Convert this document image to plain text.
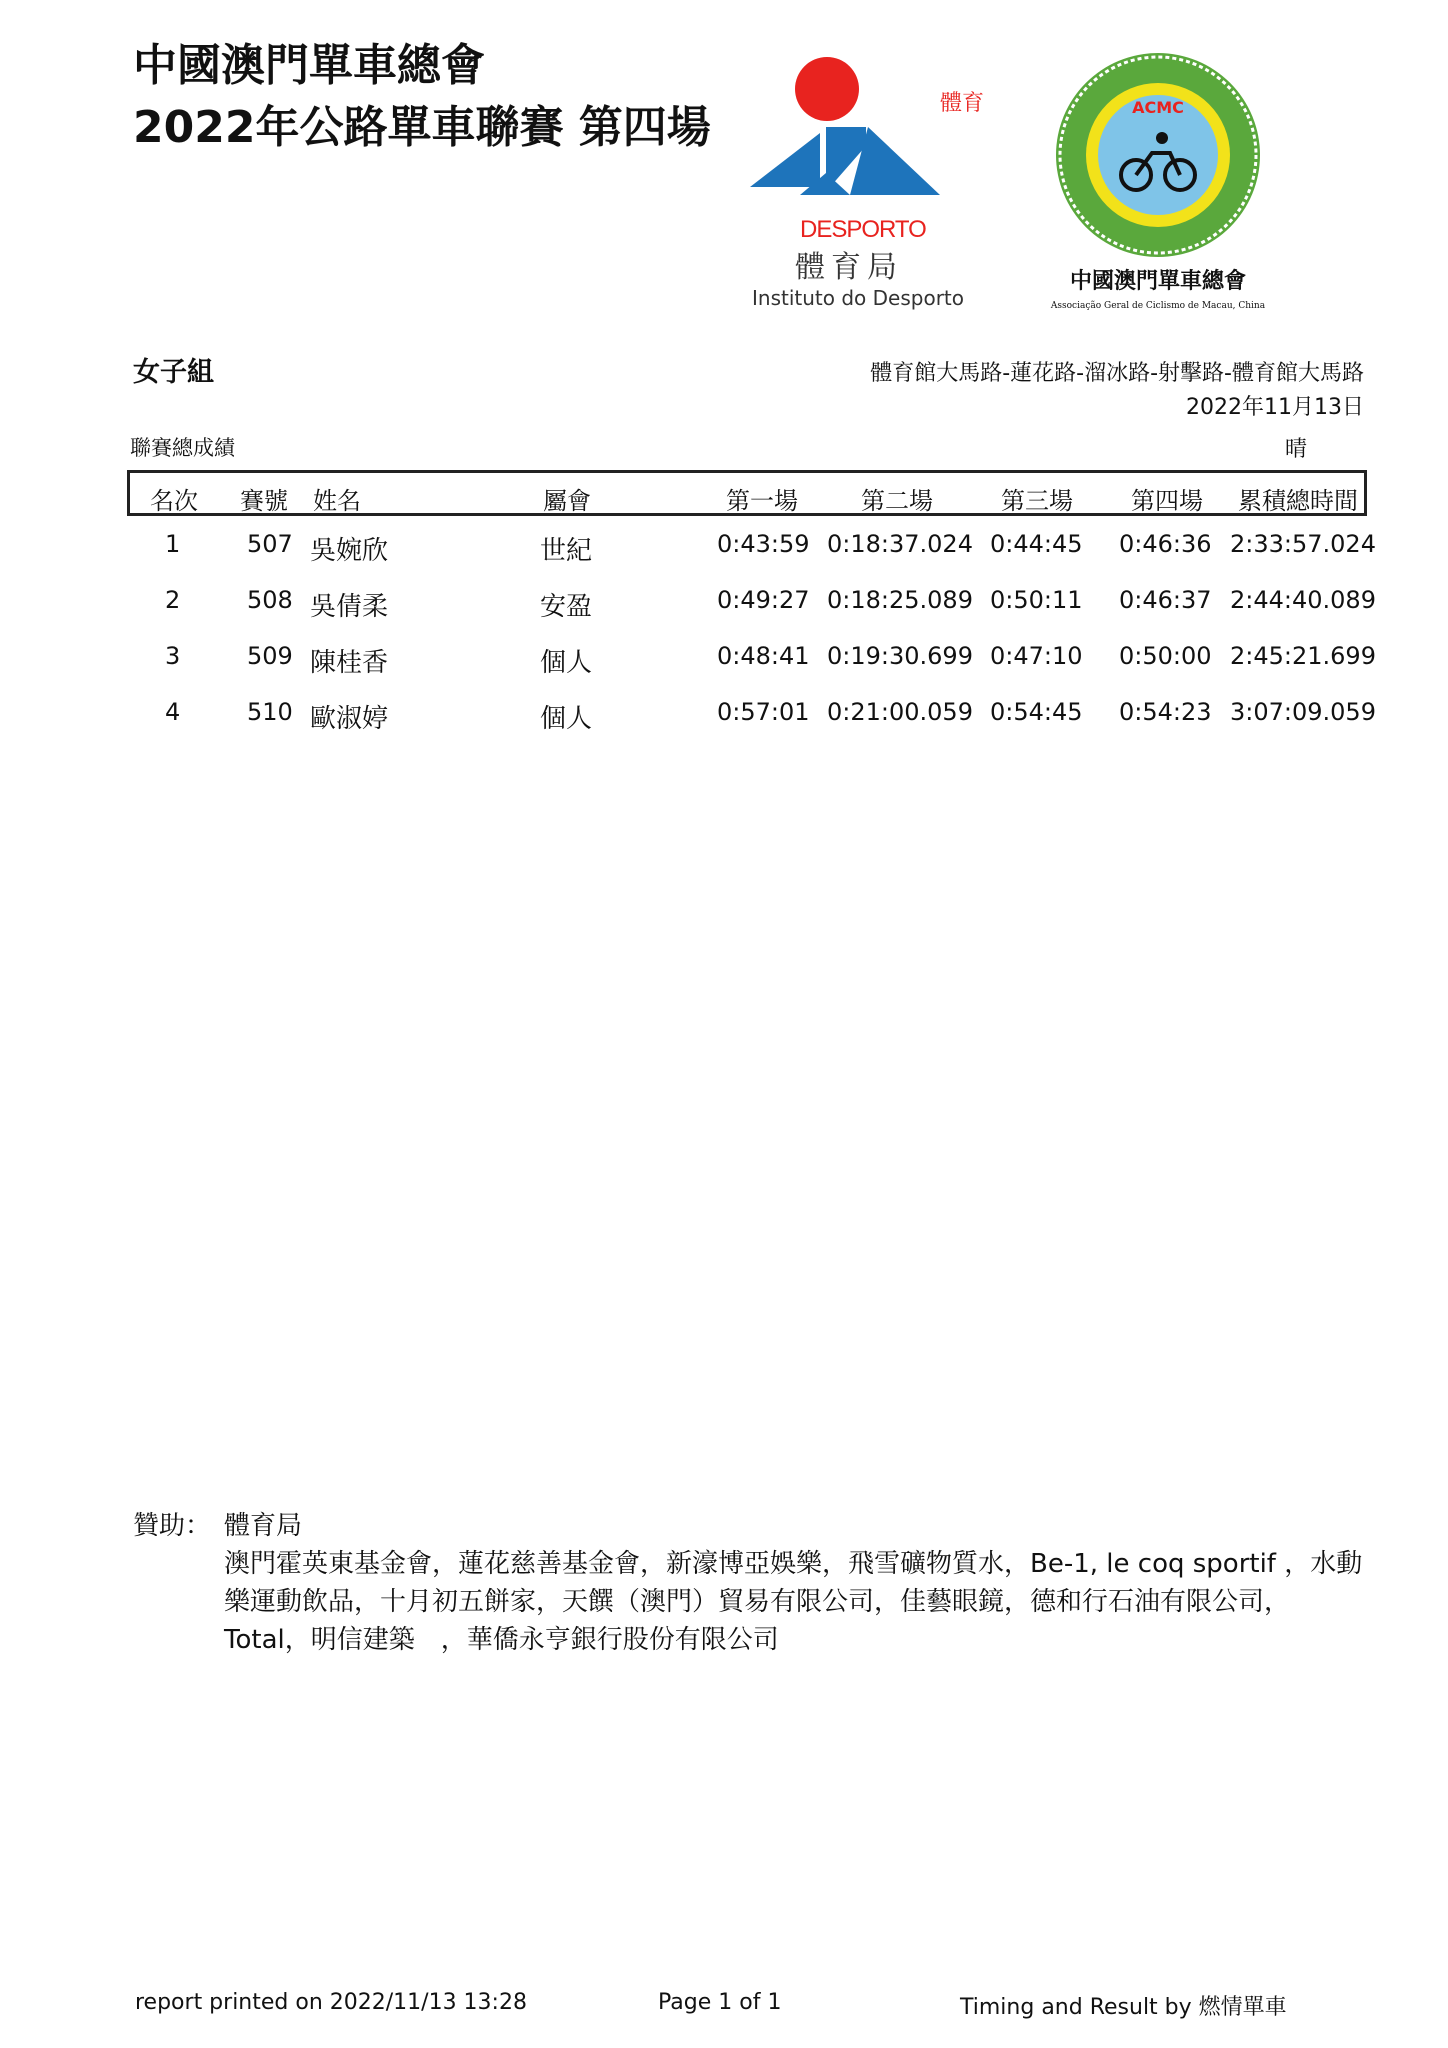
中國澳門單車總會
2022年公路單車聯賽 第四場	體育
DESPORTO
體育局
Instituto do Desporto
ACMC
中國澳門單車總會
Associação Geral de Ciclismo de Macau, China
女子組	體育館大馬路-蓮花路-溜冰路-射擊路-體育館大馬路
2022年11月13日
聯賽總成績	晴
名次 賽號 姓名	屬會	第一場	第二場	第三場 第四場 累積總時間
1	507 吳婉欣	世紀	0:43:59 0:18:37.024 0:44:45 0:46:36 2:33:57.024
2	508 吳倩柔	安盈	0:49:27 0:18:25.089 0:50:11 0:46:37 2:44:40.089
3	509 陳桂香	個人	0:48:41 0:19:30.699 0:47:10 0:50:00 2:45:21.699
4	510 歐淑婷	個人	0:57:01 0:21:00.059 0:54:45 0:54:23 3:07:09.059
贊助： 體育局
澳門霍英東基金會，蓮花慈善基金會，新濠博亞娛樂，飛雪礦物質水，Be-1, le coq sportif ，水動樂運動飲品，十月初五餅家，天饌（澳門）貿易有限公司，佳藝眼鏡，德和行石油有限公司，Total，明信建築　，華僑永亨銀行股份有限公司
report printed on 2022/11/13 13:28	Page 1 of 1	Timing and Result by 燃情單車
